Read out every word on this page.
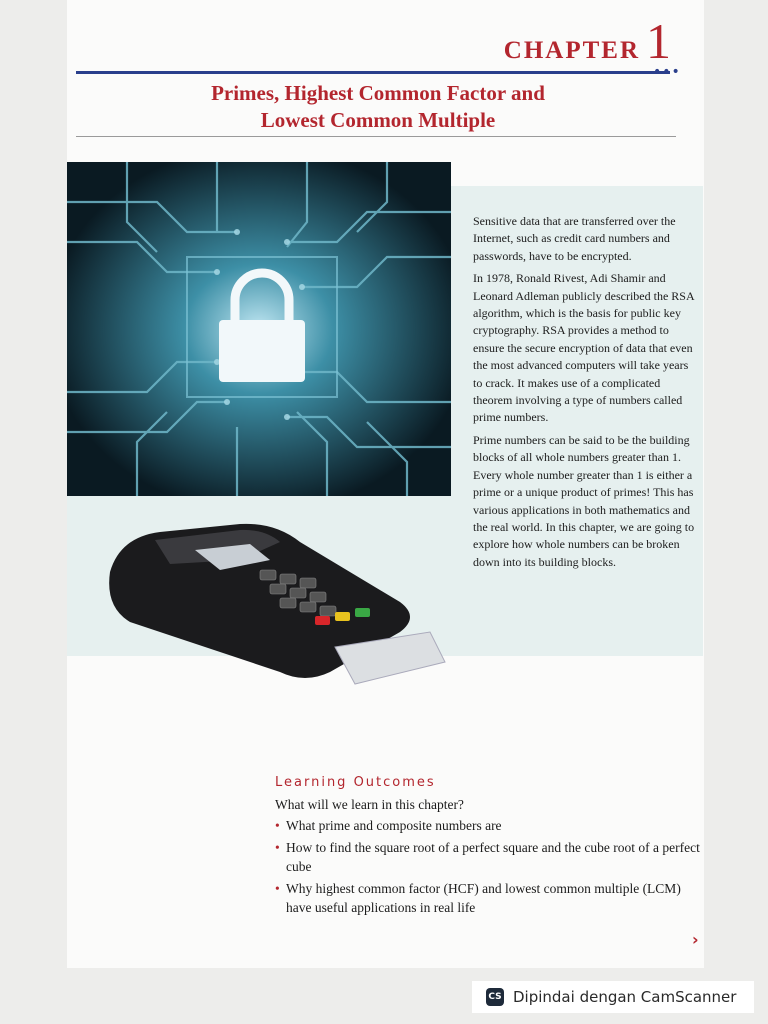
CHAPTER 1
•••
Primes, Highest Common Factor and
Lowest Common Multiple

Sensitive data that are transferred over the Internet, such as credit card numbers and passwords, have to be encrypted.

In 1978, Ronald Rivest, Adi Shamir and Leonard Adleman publicly described the RSA algorithm, which is the basis for public key cryptography. RSA provides a method to ensure the secure encryption of data that even the most advanced computers will take years to crack. It makes use of a complicated theorem involving a type of numbers called prime numbers.

Prime numbers can be said to be the building blocks of all whole numbers greater than 1. Every whole number greater than 1 is either a prime or a unique product of primes! This has various applications in both mathematics and the real world. In this chapter, we are going to explore how whole numbers can be broken down into its building blocks.

Learning Outcomes
What will we learn in this chapter?
• What prime and composite numbers are
• How to find the square root of a perfect square and the cube root of a perfect cube
• Why highest common factor (HCF) and lowest common multiple (LCM) have useful applications in real life
›
CS Dipindai dengan CamScanner
